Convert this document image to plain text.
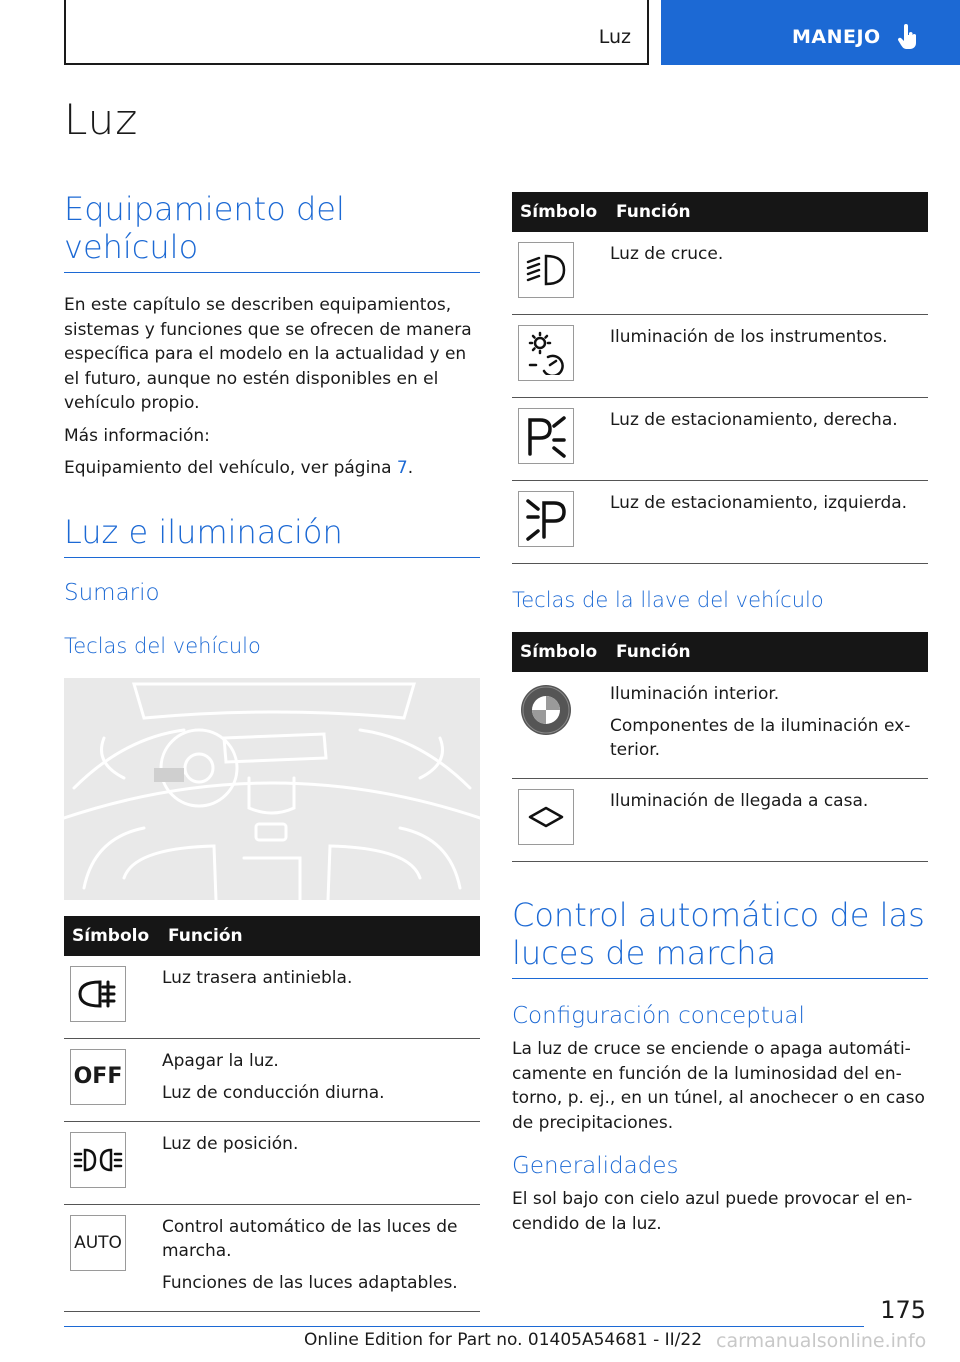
Luz	MANEJO
Luz
Equipamiento del vehículo

En este capítulo se describen equipamientos, sistemas y funciones que se ofrecen de manera específica para el modelo en la actualidad y en el futuro, aunque no estén disponibles en el vehículo propio.

Más información:

Equipamiento del vehículo, ver página 7.

Luz e iluminación
Sumario
Teclas del vehículo
Símbolo	Función

Luz trasera antiniebla.

OFF	Apagar la luz.
Luz de conducción diurna.

Luz de posición.

AUTO	Control automático de las luces de marcha.
Funciones de las luces adaptables.
Símbolo	Función

Luz de cruce.

Iluminación de los instrumentos.

Luz de estacionamiento, derecha.

Luz de estacionamiento, izquierda.
Teclas de la llave del vehículo
Símbolo	Función

Iluminación interior.
Componentes de la iluminación exterior.

Iluminación de llegada a casa.
Control automático de las luces de marcha
Configuración conceptual

La luz de cruce se enciende o apaga automáticamente en función de la luminosidad del entorno, p. ej., en un túnel, al anochecer o en caso de precipitaciones.

Generalidades

El sol bajo con cielo azul puede provocar el encendido de la luz.

175
Online Edition for Part no. 01405A54681 - II/22 carmanualsonline.info
